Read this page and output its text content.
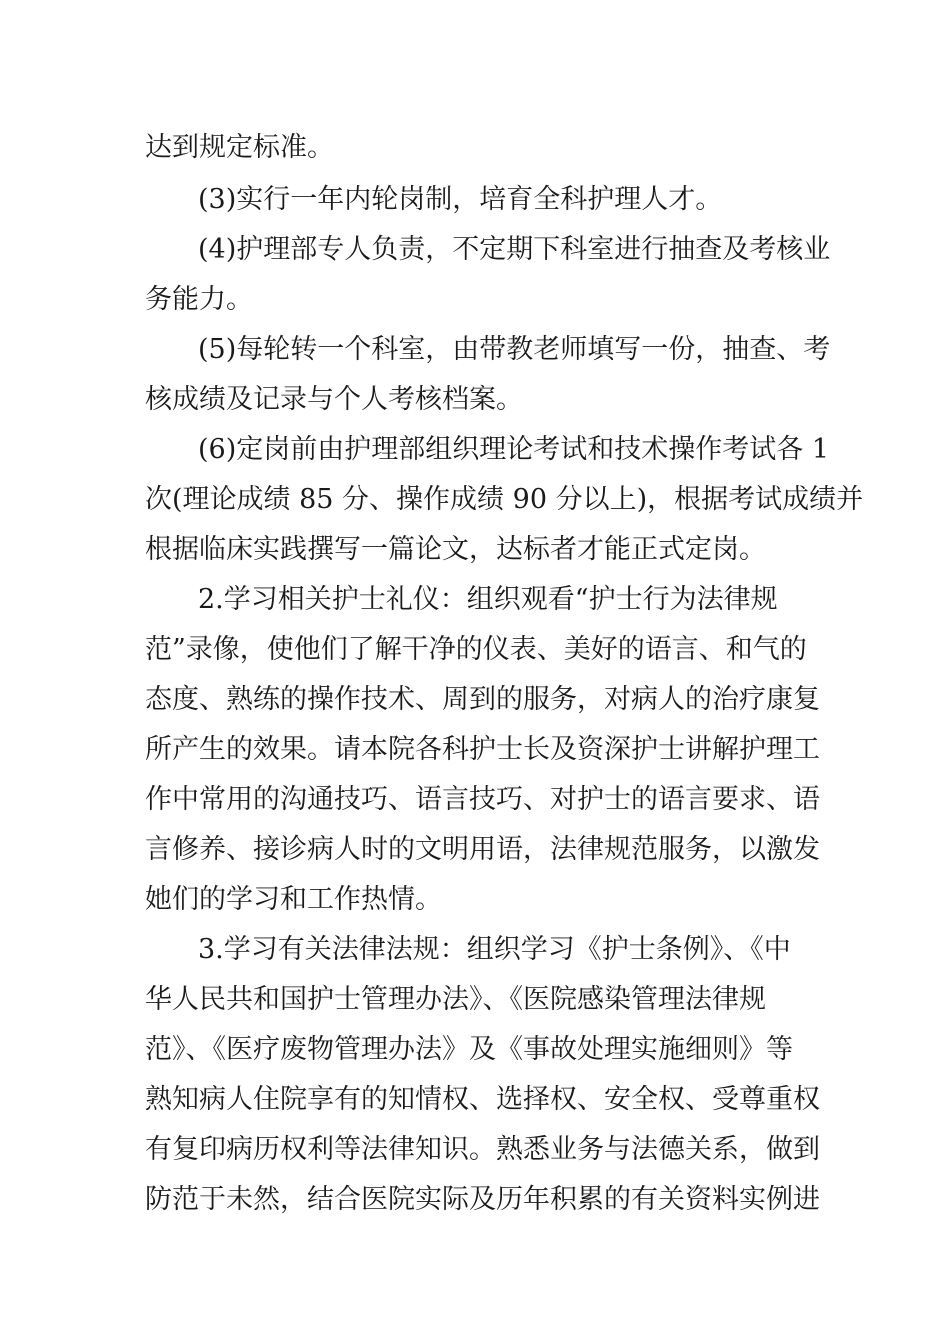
达到规定标准。
(3)实行一年内轮岗制，培育全科护理人才。
(4)护理部专人负责，不定期下科室进行抽查及考核业
务能力。
(5)每轮转一个科室，由带教老师填写一份，抽查、考
核成绩及记录与个人考核档案。
(6)定岗前由护理部组织理论考试和技术操作考试各 1
次(理论成绩 85 分、操作成绩 90 分以上)，根据考试成绩并
根据临床实践撰写一篇论文，达标者才能正式定岗。
2.学习相关护士礼仪：组织观看“护士行为法律规
范”录像，使他们了解干净的仪表、美好的语言、和气的
态度、熟练的操作技术、周到的服务，对病人的治疗康复
所产生的效果。请本院各科护士长及资深护士讲解护理工
作中常用的沟通技巧、语言技巧、对护士的语言要求、语
言修养、接诊病人时的文明用语，法律规范服务，以激发
她们的学习和工作热情。
3.学习有关法律法规：组织学习《护士条例》、《中
华人民共和国护士管理办法》、《医院感染管理法律规
范》、《医疗废物管理办法》及《事故处理实施细则》等
熟知病人住院享有的知情权、选择权、安全权、受尊重权
有复印病历权利等法律知识。熟悉业务与法德关系，做到
防范于未然，结合医院实际及历年积累的有关资料实例进
